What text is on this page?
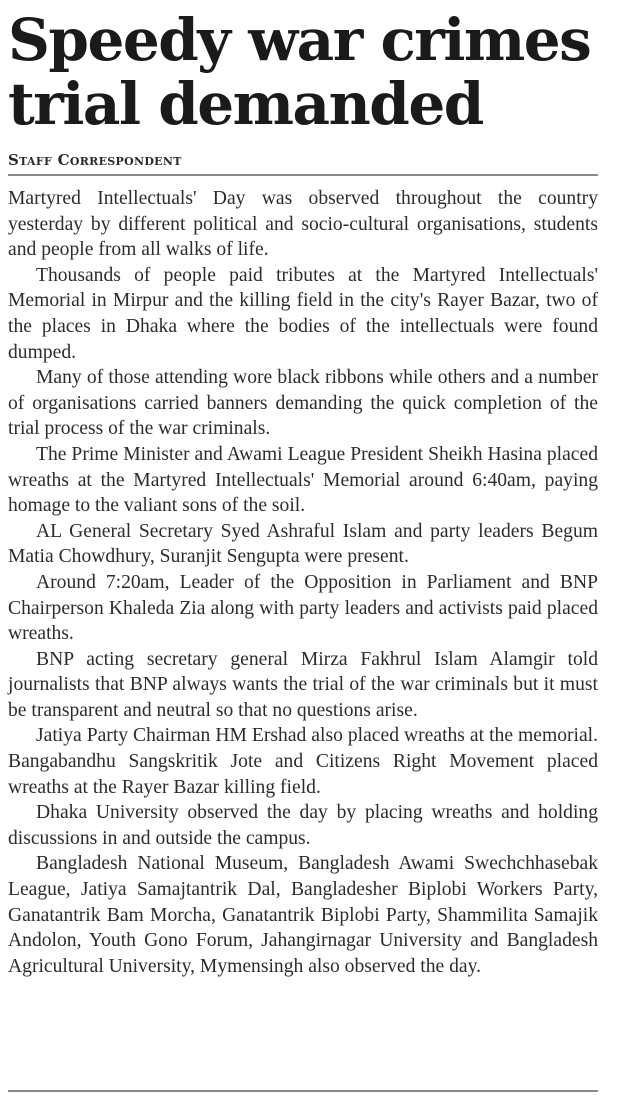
Speedy war crimes trial demanded
Staff Correspondent

Martyred Intellectuals' Day was observed throughout the country yesterday by different political and socio-cultural organisations, students and people from all walks of life.

Thousands of people paid tributes at the Martyred Intellectuals' Memorial in Mirpur and the killing field in the city's Rayer Bazar, two of the places in Dhaka where the bodies of the intellectuals were found dumped.

Many of those attending wore black ribbons while others and a number of organisations carried banners demanding the quick completion of the trial process of the war criminals.

The Prime Minister and Awami League President Sheikh Hasina placed wreaths at the Martyred Intellectuals' Memorial around 6:40am, paying homage to the valiant sons of the soil.

AL General Secretary Syed Ashraful Islam and party leaders Begum Matia Chowdhury, Suranjit Sengupta were present.

Around 7:20am, Leader of the Opposition in Parliament and BNP Chairperson Khaleda Zia along with party leaders and activists paid placed wreaths.

BNP acting secretary general Mirza Fakhrul Islam Alamgir told journalists that BNP always wants the trial of the war criminals but it must be transparent and neutral so that no questions arise.

Jatiya Party Chairman HM Ershad also placed wreaths at the memorial. Bangabandhu Sangskritik Jote and Citizens Right Movement placed wreaths at the Rayer Bazar killing field.

Dhaka University observed the day by placing wreaths and holding discussions in and outside the campus.

Bangladesh National Museum, Bangladesh Awami Swechchhasebak League, Jatiya Samajtantrik Dal, Bangladesher Biplobi Workers Party, Ganatantrik Bam Morcha, Ganatantrik Biplobi Party, Shammilita Samajik Andolon, Youth Gono Forum, Jahangirnagar University and Bangladesh Agricultural University, Mymensingh also observed the day.
